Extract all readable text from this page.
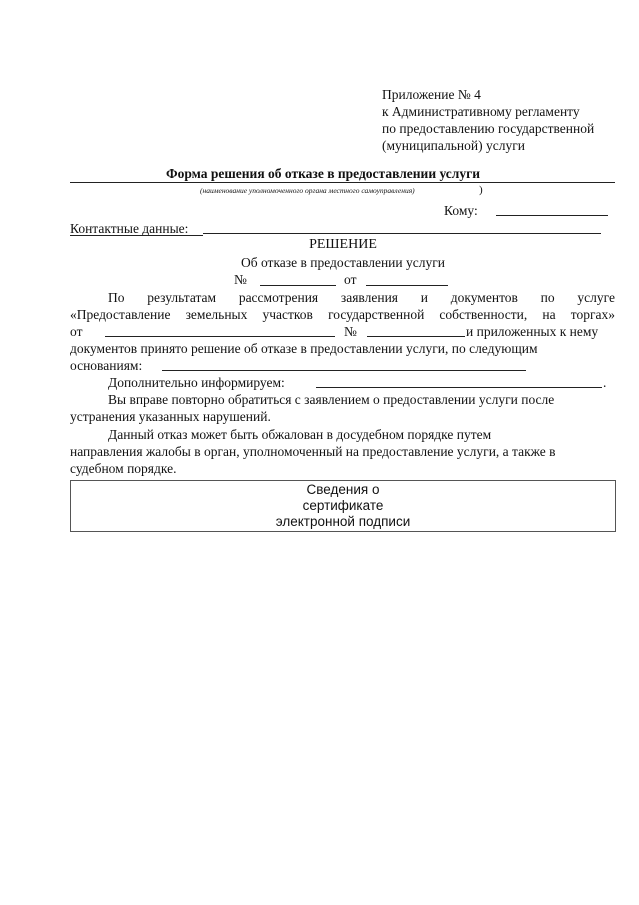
Приложение № 4
к Административному регламенту
по предоставлению государственной
(муниципальной) услуги
Форма решения об отказе в предоставлении услуги
(наименование уполномоченного органа местного самоуправления)	)
Кому:
Контактные данные:
РЕШЕНИЕ
Об отказе в предоставлении услуги
№	от
По результатам рассмотрения заявления и документов по услуге
«Предоставление земельных участков государственной собственности, на торгах»
от	№	и приложенных к нему
документов принято решение об отказе в предоставлении услуги, по следующим
основаниям:
Дополнительно информируем:	.
Вы вправе повторно обратиться с заявлением о предоставлении услуги после
устранения указанных нарушений.
Данный отказ может быть обжалован в досудебном порядке путем
направления жалобы в орган, уполномоченный на предоставление услуги, а также в
судебном порядке.
Сведения о
сертификате
электронной подписи
